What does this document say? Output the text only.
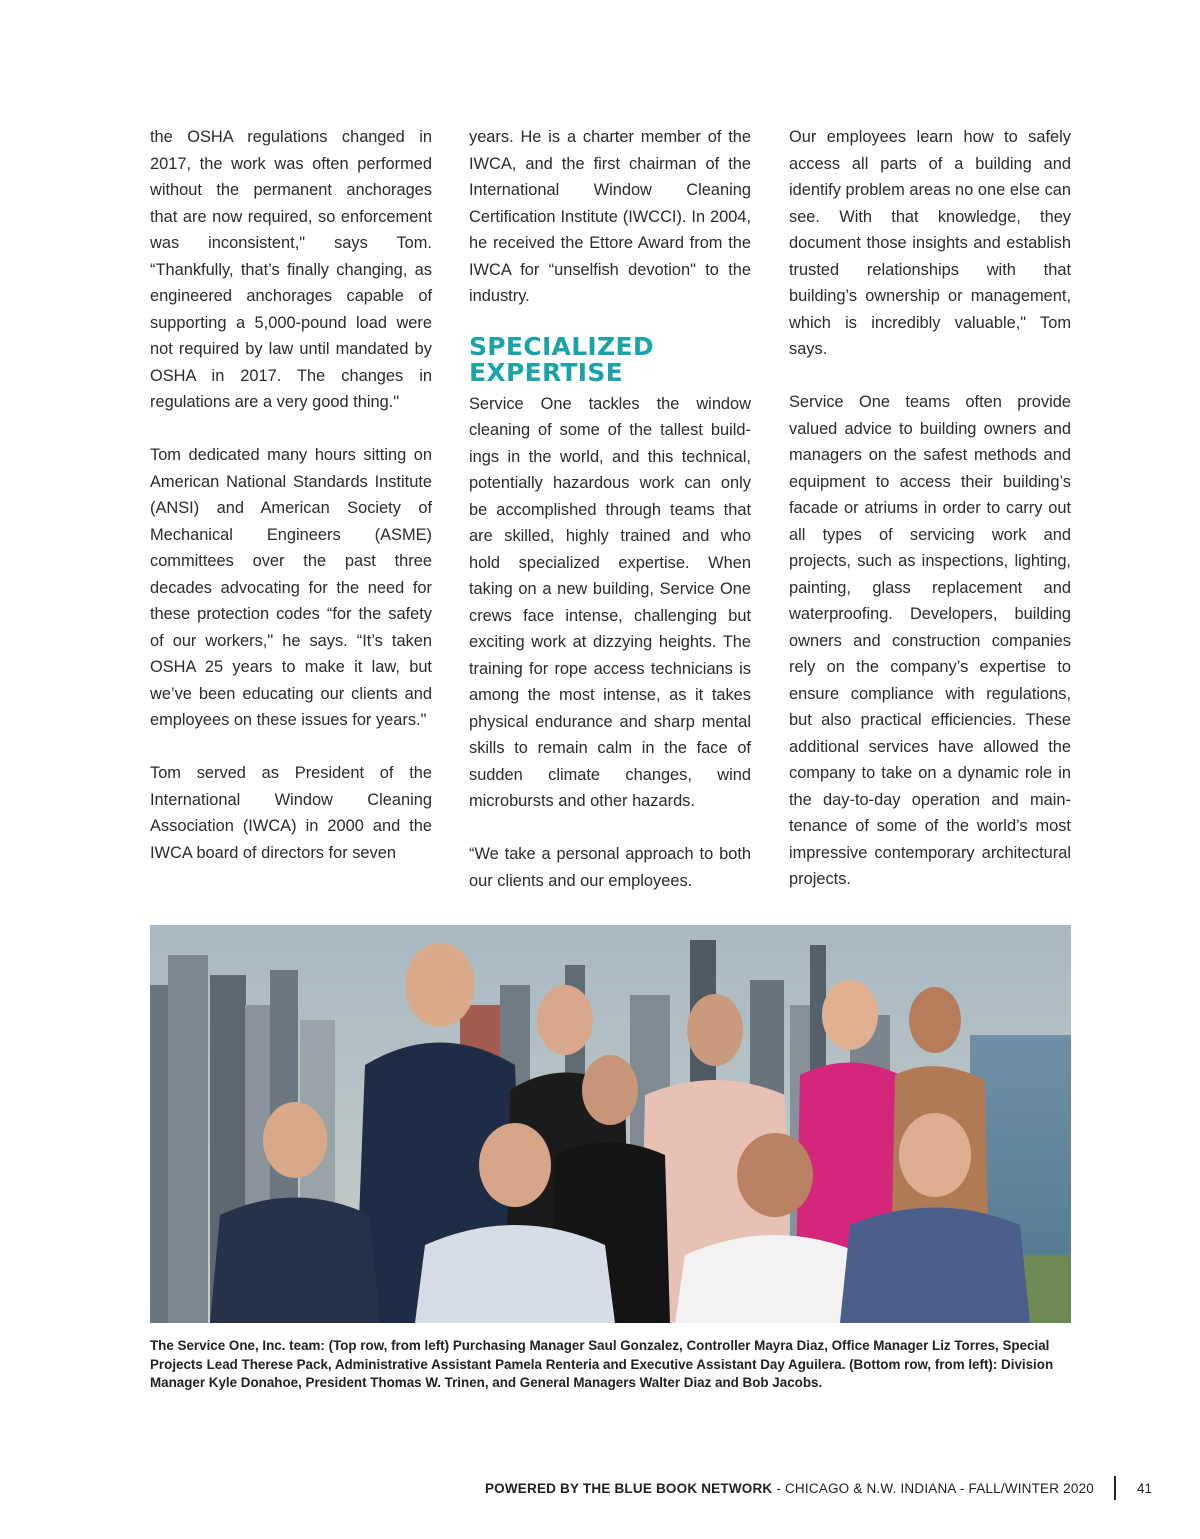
the OSHA regulations changed in 2017, the work was often performed without the permanent anchorages that are now required, so enforcement was inconsistent," says Tom. “Thankfully, that’s finally changing, as engineered anchorages capable of supporting a 5,000-pound load were not required by law until mandated by OSHA in 2017. The changes in regulations are a very good thing."

Tom dedicated many hours sitting on American National Standards Institute (ANSI) and American Society of Mechanical Engineers (ASME) committees over the past three decades advocating for the need for these protection codes “for the safety of our workers," he says. “It’s taken OSHA 25 years to make it law, but we’ve been educating our clients and employees on these issues for years."

Tom served as President of the International Window Cleaning Association (IWCA) in 2000 and the IWCA board of directors for seven

years. He is a charter member of the IWCA, and the first chairman of the International Window Cleaning Certification Institute (IWCCI). In 2004, he received the Ettore Award from the IWCA for “unselfish devotion" to the industry.

SPECIALIZED
EXPERTISE

Service One tackles the window cleaning of some of the tallest buildings in the world, and this technical, potentially hazardous work can only be accomplished through teams that are skilled, highly trained and who hold specialized expertise. When taking on a new building, Service One crews face intense, challenging but exciting work at dizzying heights. The training for rope access technicians is among the most intense, as it takes physical endurance and sharp mental skills to remain calm in the face of sudden climate changes, wind microbursts and other hazards.

“We take a personal approach to both our clients and our employees.

Our employees learn how to safely access all parts of a building and identify problem areas no one else can see. With that knowledge, they document those insights and establish trusted relationships with that building’s ownership or management, which is incredibly valuable," Tom says.

Service One teams often provide valued advice to building owners and managers on the safest methods and equipment to access their building’s facade or atriums in order to carry out all types of servicing work and projects, such as inspections, lighting, painting, glass replacement and waterproofing. Developers, building owners and construction companies rely on the company’s expertise to ensure compliance with regulations, but also practical efficiencies. These additional services have allowed the company to take on a dynamic role in the day-to-day operation and maintenance of some of the world’s most impressive contemporary architectural projects.

The Service One, Inc. team: (Top row, from left) Purchasing Manager Saul Gonzalez, Controller Mayra Diaz, Office Manager Liz Torres, Special Projects Lead Therese Pack, Administrative Assistant Pamela Renteria and Executive Assistant Day Aguilera. (Bottom row, from left): Division Manager Kyle Donahoe, President Thomas W. Trinen, and General Managers Walter Diaz and Bob Jacobs.
POWERED BY THE BLUE BOOK NETWORK - CHICAGO & N.W. INDIANA - FALL/WINTER 2020	41
